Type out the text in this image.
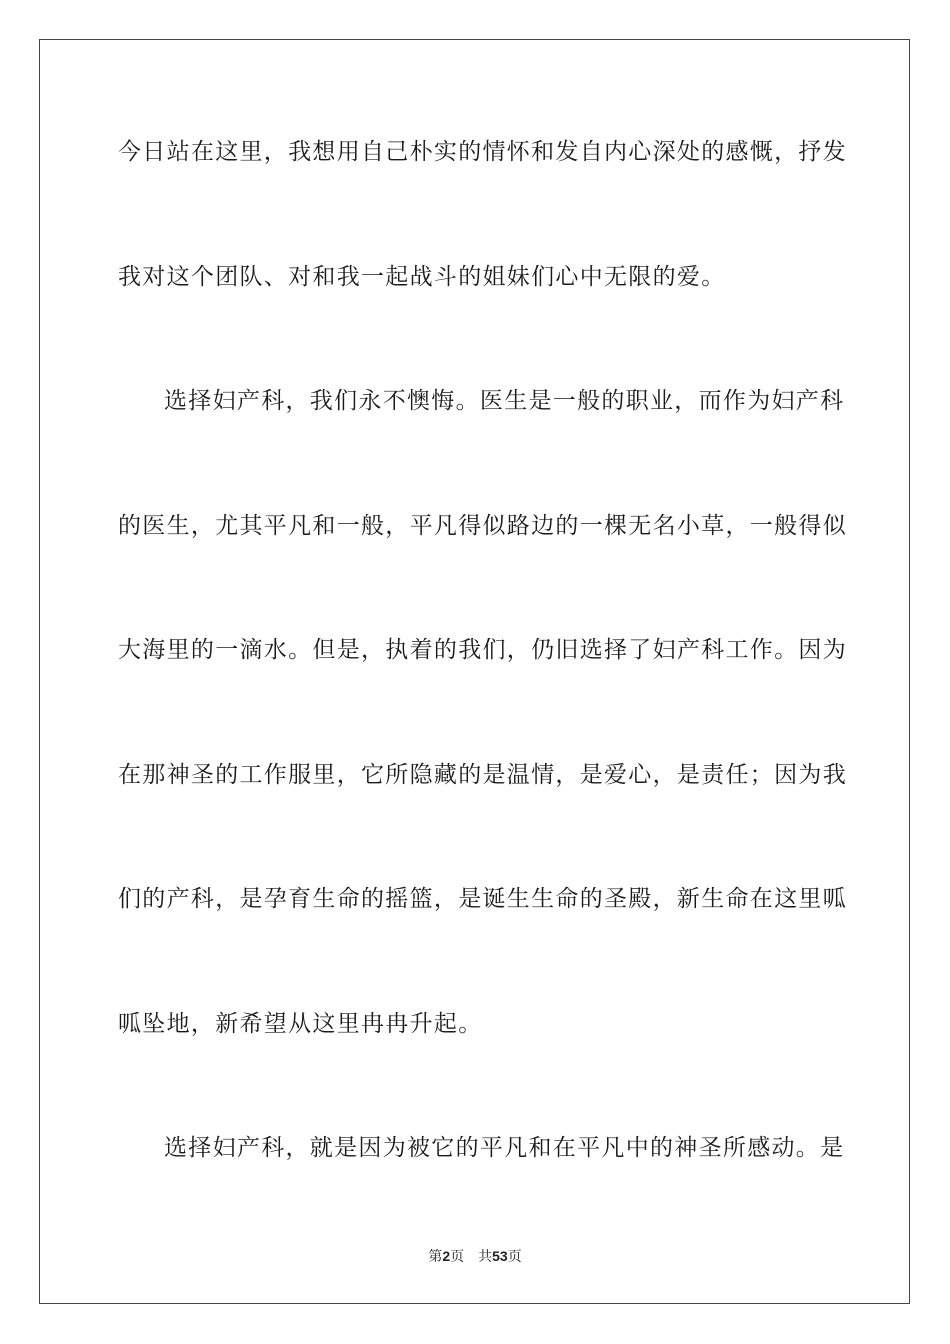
今日站在这里，我想用自己朴实的情怀和发自内心深处的感慨，抒发
我对这个团队、对和我一起战斗的姐妹们心中无限的爱。
选择妇产科，我们永不懊悔。医生是一般的职业，而作为妇产科
的医生，尤其平凡和一般，平凡得似路边的一棵无名小草，一般得似
大海里的一滴水。但是，执着的我们，仍旧选择了妇产科工作。因为
在那神圣的工作服里，它所隐藏的是温情，是爱心，是责任；因为我
们的产科，是孕育生命的摇篮，是诞生生命的圣殿，新生命在这里呱
呱坠地，新希望从这里冉冉升起。
选择妇产科，就是因为被它的平凡和在平凡中的神圣所感动。是
第2页 共53页
